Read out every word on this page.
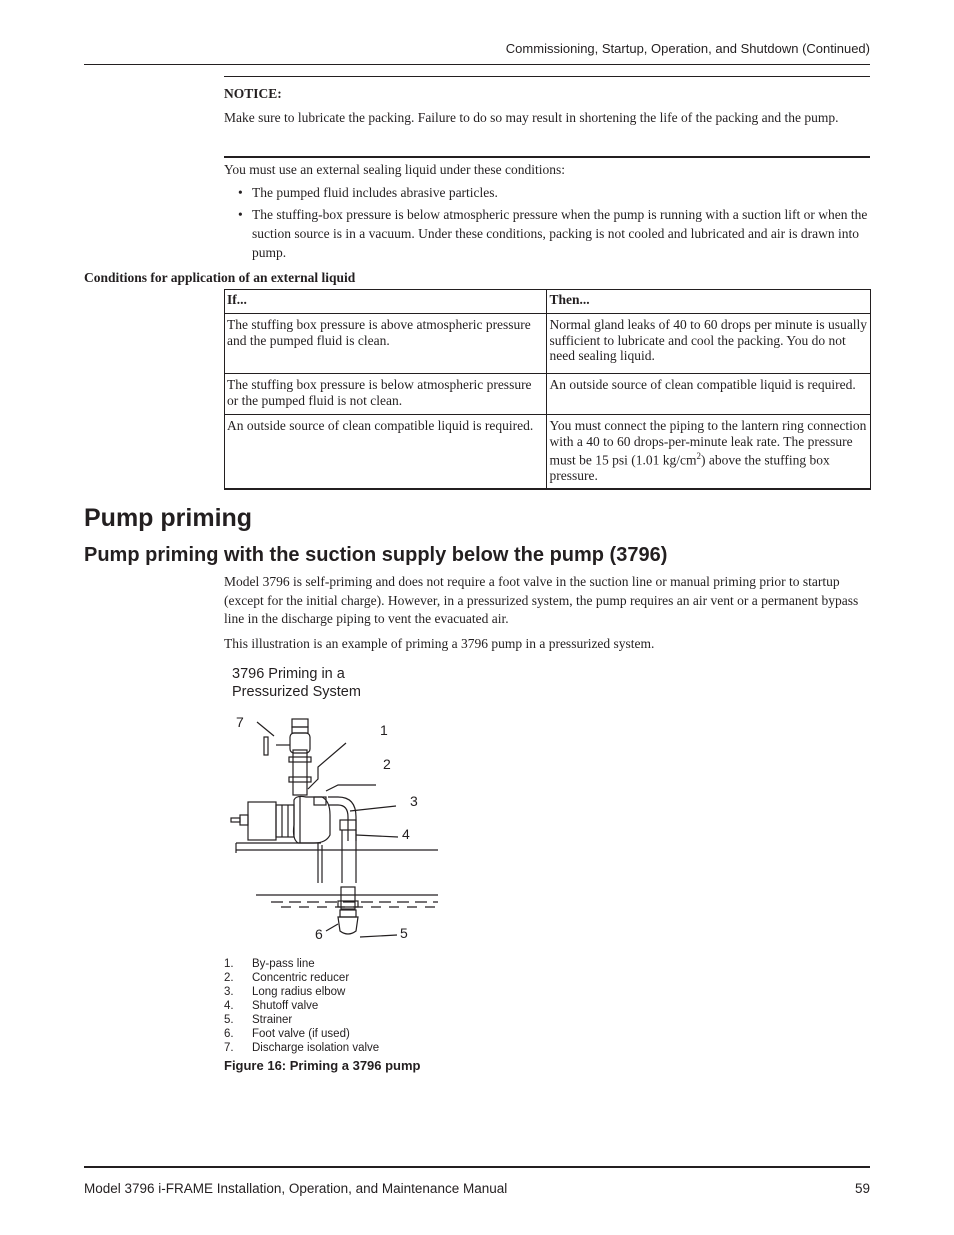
Commissioning, Startup, Operation, and Shutdown (Continued)
NOTICE:
Make sure to lubricate the packing. Failure to do so may result in shortening the life of the packing and the pump.
You must use an external sealing liquid under these conditions:
• The pumped fluid includes abrasive particles.
• The stuffing-box pressure is below atmospheric pressure when the pump is running with a suction lift or when the suction source is in a vacuum. Under these conditions, packing is not cooled and lubricated and air is drawn into pump.
Conditions for application of an external liquid
If...	Then...
The stuffing box pressure is above atmospheric pressure and the pumped fluid is clean.	Normal gland leaks of 40 to 60 drops per minute is usually sufficient to lubricate and cool the packing. You do not need sealing liquid.
The stuffing box pressure is below atmospheric pressure or the pumped fluid is not clean.	An outside source of clean compatible liquid is required.
An outside source of clean compatible liquid is required.	You must connect the piping to the lantern ring connection with a 40 to 60 drops-per-minute leak rate. The pressure must be 15 psi (1.01 $kg/cm^2$) above the stuffing box pressure.
Pump priming
Pump priming with the suction supply below the pump (3796)
Model 3796 is self-priming and does not require a foot valve in the suction line or manual priming prior to startup (except for the initial charge). However, in a pressurized system, the pump requires an air vent or a permanent bypass line in the discharge piping to vent the evacuated air.
This illustration is an example of priming a 3796 pump in a pressurized system.
3796 Priming in a
Pressurized System
7	1
2
3
4
5
6
1.	By-pass line
2.	Concentric reducer
3.	Long radius elbow
4.	Shutoff valve
5.	Strainer
6.	Foot valve (if used)
7.	Discharge isolation valve
Figure 16: Priming a 3796 pump
Model 3796 i-FRAME Installation, Operation, and Maintenance Manual	59
